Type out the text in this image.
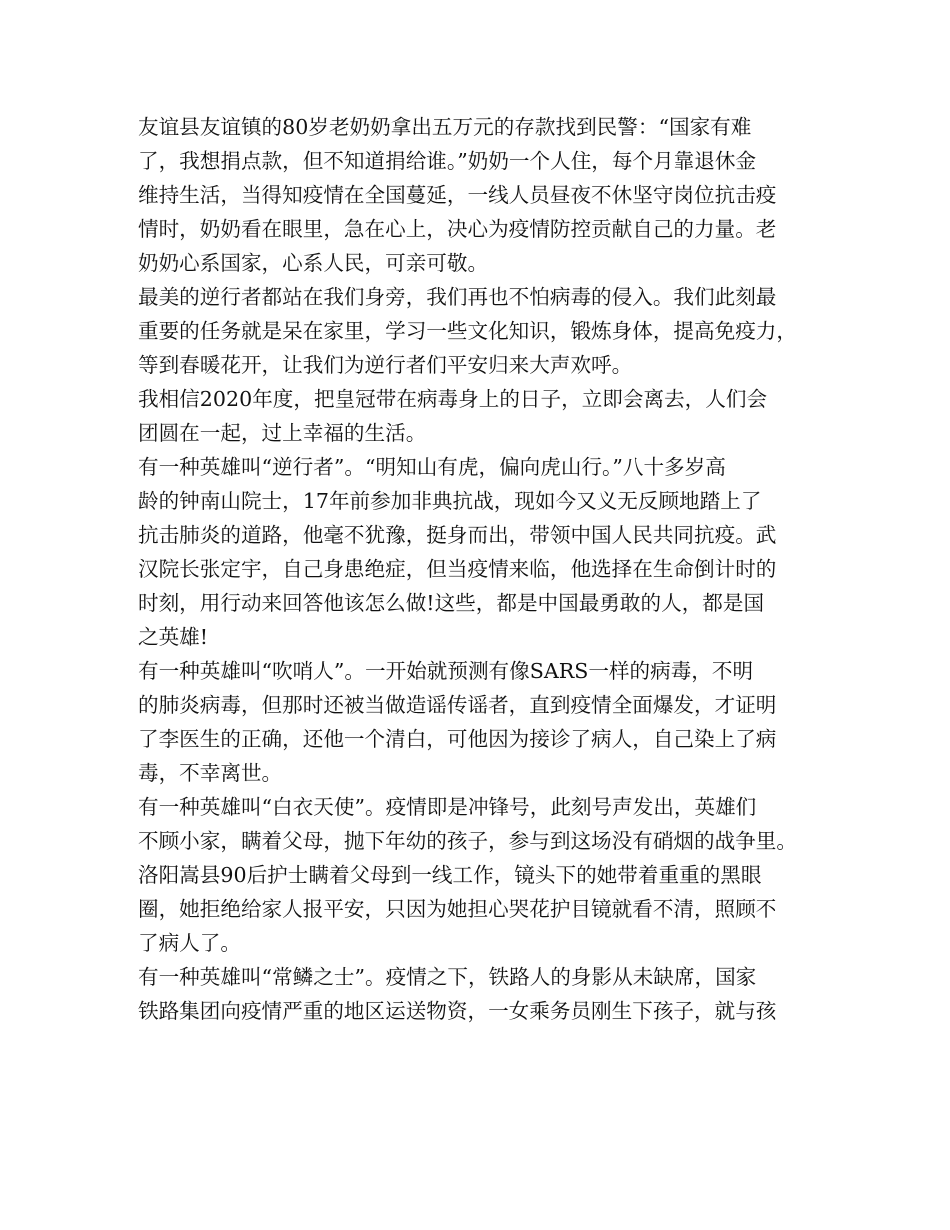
友谊县友谊镇的80岁老奶奶拿出五万元的存款找到民警：“国家有难
了，我想捐点款，但不知道捐给谁。”奶奶一个人住，每个月靠退休金
维持生活，当得知疫情在全国蔓延，一线人员昼夜不休坚守岗位抗击疫
情时，奶奶看在眼里，急在心上，决心为疫情防控贡献自己的力量。老
奶奶心系国家，心系人民，可亲可敬。
最美的逆行者都站在我们身旁，我们再也不怕病毒的侵入。我们此刻最
重要的任务就是呆在家里，学习一些文化知识，锻炼身体，提高免疫力，
等到春暖花开，让我们为逆行者们平安归来大声欢呼。
我相信2020年度，把皇冠带在病毒身上的日子，立即会离去，人们会
团圆在一起，过上幸福的生活。
有一种英雄叫“逆行者”。“明知山有虎，偏向虎山行。”八十多岁高
龄的钟南山院士，17年前参加非典抗战，现如今又义无反顾地踏上了
抗击肺炎的道路，他毫不犹豫，挺身而出，带领中国人民共同抗疫。武
汉院长张定宇，自己身患绝症，但当疫情来临，他选择在生命倒计时的
时刻，用行动来回答他该怎么做!这些，都是中国最勇敢的人，都是国
之英雄!
有一种英雄叫“吹哨人”。一开始就预测有像SARS一样的病毒，不明
的肺炎病毒，但那时还被当做造谣传谣者，直到疫情全面爆发，才证明
了李医生的正确，还他一个清白，可他因为接诊了病人，自己染上了病
毒，不幸离世。
有一种英雄叫“白衣天使”。疫情即是冲锋号，此刻号声发出，英雄们
不顾小家，瞒着父母，抛下年幼的孩子，参与到这场没有硝烟的战争里。
洛阳嵩县90后护士瞒着父母到一线工作，镜头下的她带着重重的黑眼
圈，她拒绝给家人报平安，只因为她担心哭花护目镜就看不清，照顾不
了病人了。
有一种英雄叫“常鳞之士”。疫情之下，铁路人的身影从未缺席，国家
铁路集团向疫情严重的地区运送物资，一女乘务员刚生下孩子，就与孩
